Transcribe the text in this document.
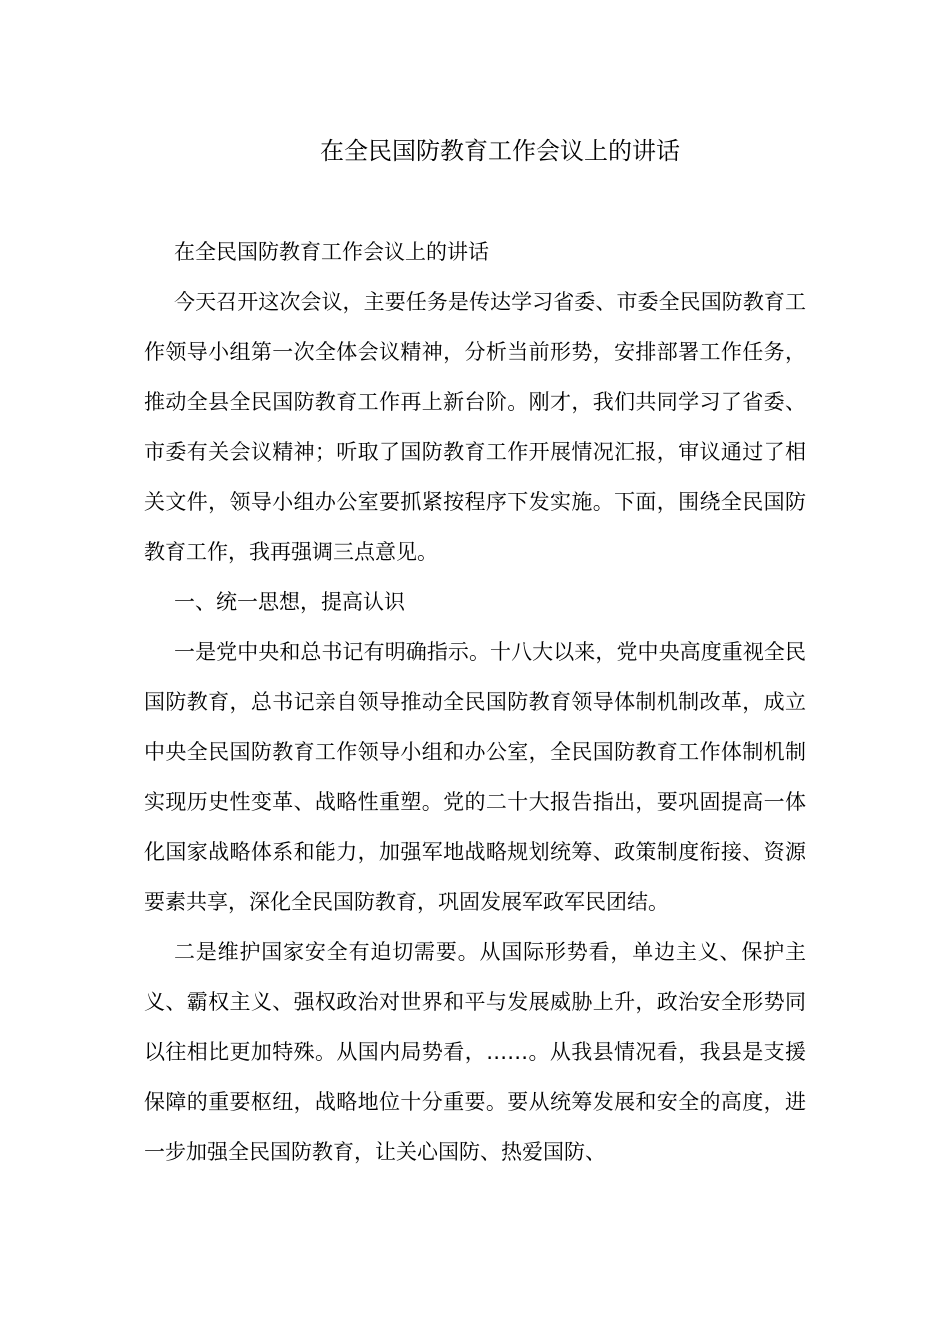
在全民国防教育工作会议上的讲话

在全民国防教育工作会议上的讲话

今天召开这次会议，主要任务是传达学习省委、市委全民国防教育工作领导小组第一次全体会议精神，分析当前形势，安排部署工作任务，推动全县全民国防教育工作再上新台阶。刚才，我们共同学习了省委、市委有关会议精神；听取了国防教育工作开展情况汇报，审议通过了相关文件，领导小组办公室要抓紧按程序下发实施。下面，围绕全民国防教育工作，我再强调三点意见。

一、统一思想，提高认识

一是党中央和总书记有明确指示。十八大以来，党中央高度重视全民国防教育，总书记亲自领导推动全民国防教育领导体制机制改革，成立中央全民国防教育工作领导小组和办公室，全民国防教育工作体制机制实现历史性变革、战略性重塑。党的二十大报告指出，要巩固提高一体化国家战略体系和能力，加强军地战略规划统筹、政策制度衔接、资源要素共享，深化全民国防教育，巩固发展军政军民团结。

二是维护国家安全有迫切需要。从国际形势看，单边主义、保护主义、霸权主义、强权政治对世界和平与发展威胁上升，政治安全形势同以往相比更加特殊。从国内局势看，……。从我县情况看，我县是支援保障的重要枢纽，战略地位十分重要。要从统筹发展和安全的高度，进一步加强全民国防教育，让关心国防、热爱国防、
